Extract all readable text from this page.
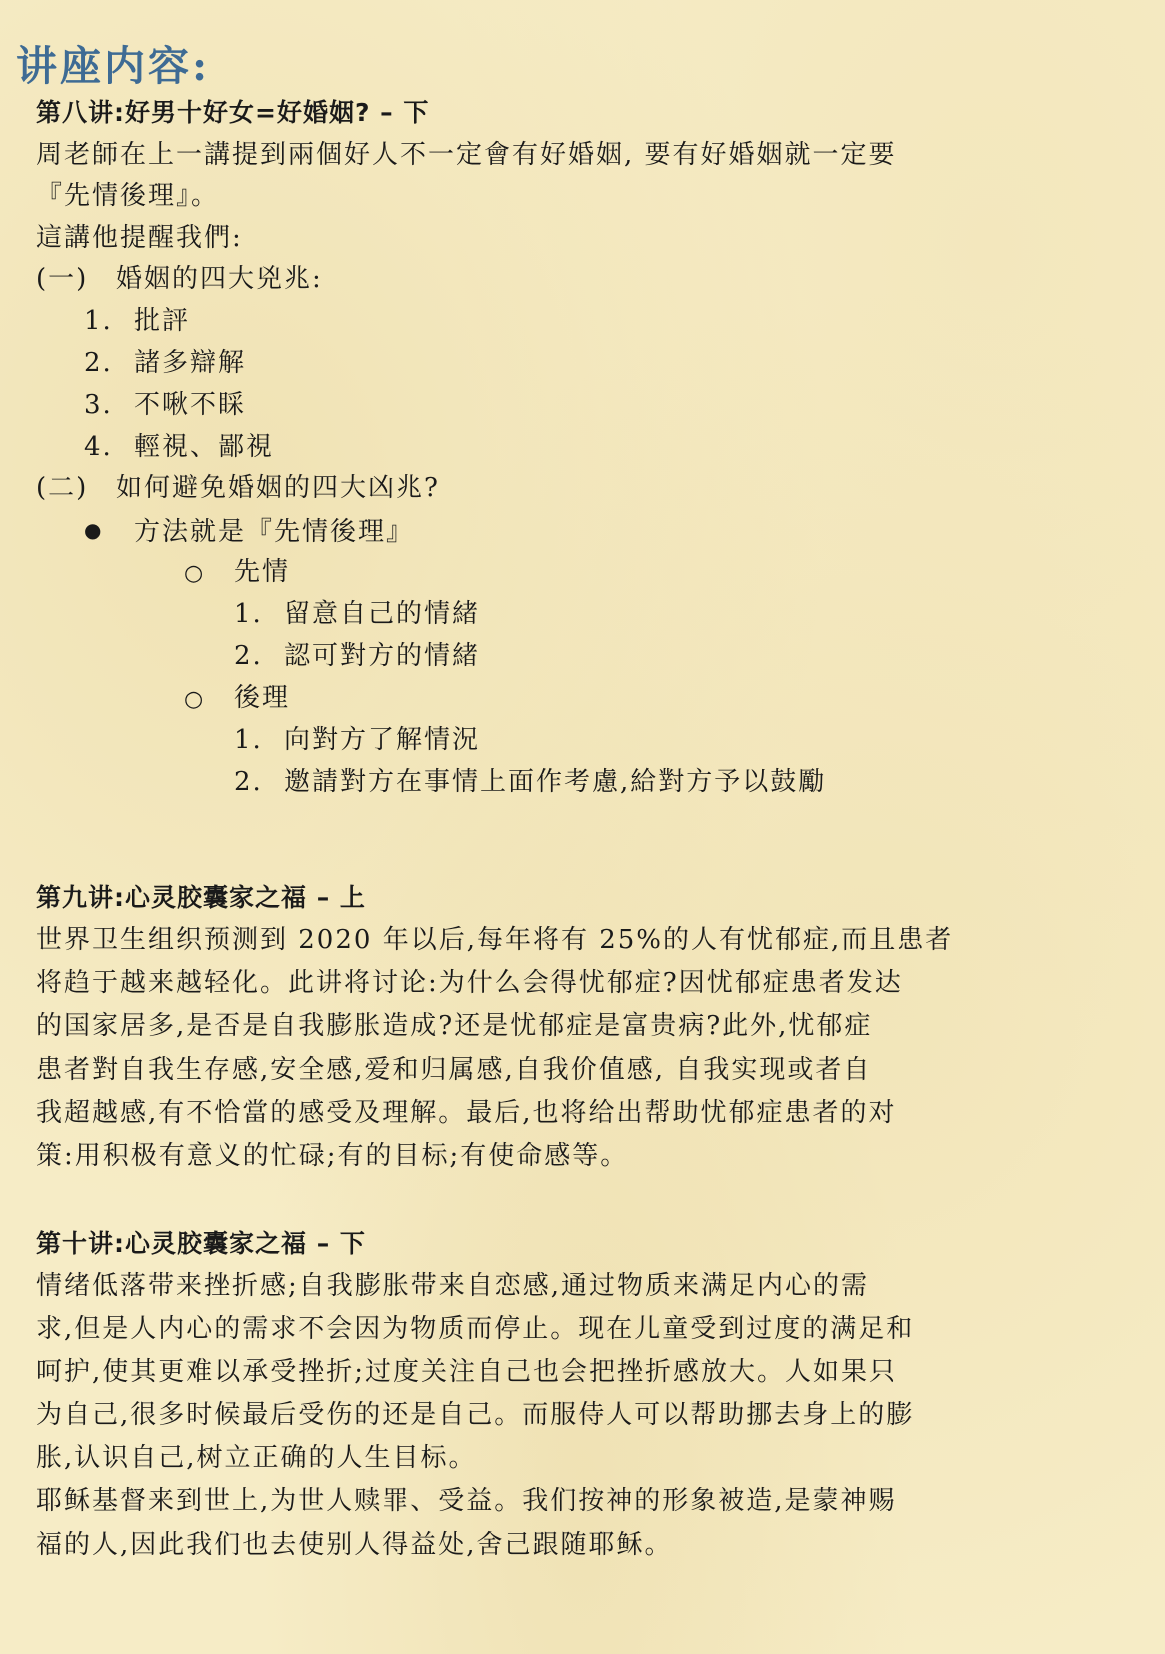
讲座内容:
第八讲:好男十好女=好婚姻? – 下
周老師在上一講提到兩個好人不一定會有好婚姻, 要有好婚姻就一定要
『先情後理』。
這講他提醒我們:
(一) 婚姻的四大兇兆:
1. 批評
2. 諸多辯解
3. 不啾不睬
4. 輕視、鄙視
(二) 如何避免婚姻的四大凶兆?
● 方法就是『先情後理』
○ 先情
1. 留意自己的情緒
2. 認可對方的情緒
○ 後理
1. 向對方了解情況
2. 邀請對方在事情上面作考慮,給對方予以鼓勵
第九讲:心灵胶囊家之福 – 上
世界卫生组织预测到 2020 年以后,每年将有 25%的人有忧郁症,而且患者
将趋于越来越轻化。此讲将讨论:为什么会得忧郁症?因忧郁症患者发达
的国家居多,是否是自我膨胀造成?还是忧郁症是富贵病?此外,忧郁症
患者對自我生存感,安全感,爱和归属感,自我价值感, 自我实现或者自
我超越感,有不恰當的感受及理解。最后,也将给出帮助忧郁症患者的对
策:用积极有意义的忙碌;有的目标;有使命感等。
第十讲:心灵胶囊家之福 – 下
情绪低落带来挫折感;自我膨胀带来自恋感,通过物质来满足内心的需
求,但是人内心的需求不会因为物质而停止。现在儿童受到过度的满足和
呵护,使其更难以承受挫折;过度关注自己也会把挫折感放大。人如果只
为自己,很多时候最后受伤的还是自己。而服侍人可以帮助挪去身上的膨
胀,认识自己,树立正确的人生目标。
耶稣基督来到世上,为世人赎罪、受益。我们按神的形象被造,是蒙神赐
福的人,因此我们也去使别人得益处,舍己跟随耶稣。
